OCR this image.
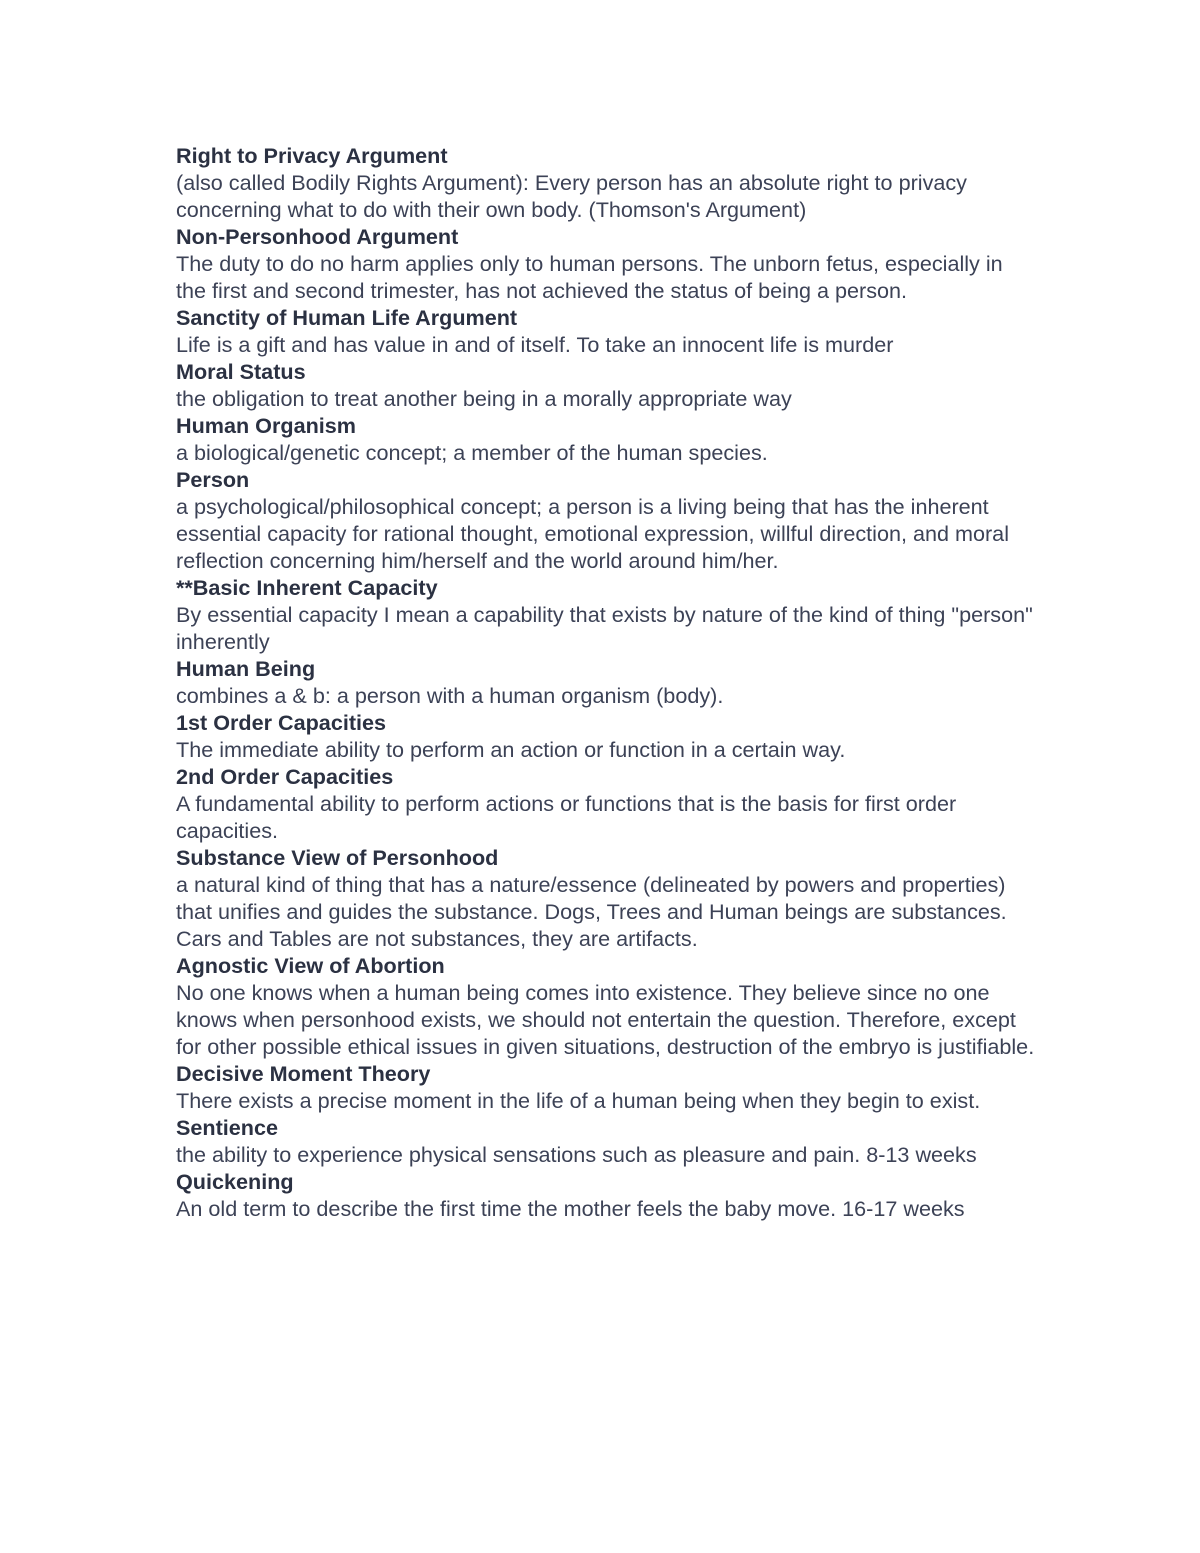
Right to Privacy Argument
(also called Bodily Rights Argument): Every person has an absolute right to privacy concerning what to do with their own body. (Thomson's Argument)
Non-Personhood Argument
The duty to do no harm applies only to human persons. The unborn fetus, especially in the first and second trimester, has not achieved the status of being a person.
Sanctity of Human Life Argument
Life is a gift and has value in and of itself. To take an innocent life is murder
Moral Status
the obligation to treat another being in a morally appropriate way
Human Organism
a biological/genetic concept; a member of the human species.
Person
a psychological/philosophical concept; a person is a living being that has the inherent essential capacity for rational thought, emotional expression, willful direction, and moral reflection concerning him/herself and the world around him/her.
**Basic Inherent Capacity
By essential capacity I mean a capability that exists by nature of the kind of thing "person" inherently
Human Being
combines a & b: a person with a human organism (body).
1st Order Capacities
The immediate ability to perform an action or function in a certain way.
2nd Order Capacities
A fundamental ability to perform actions or functions that is the basis for first order capacities.
Substance View of Personhood
a natural kind of thing that has a nature/essence (delineated by powers and properties) that unifies and guides the substance. Dogs, Trees and Human beings are substances. Cars and Tables are not substances, they are artifacts.
Agnostic View of Abortion
No one knows when a human being comes into existence. They believe since no one knows when personhood exists, we should not entertain the question. Therefore, except for other possible ethical issues in given situations, destruction of the embryo is justifiable.
Decisive Moment Theory
There exists a precise moment in the life of a human being when they begin to exist.
Sentience
the ability to experience physical sensations such as pleasure and pain. 8-13 weeks
Quickening
An old term to describe the first time the mother feels the baby move. 16-17 weeks
